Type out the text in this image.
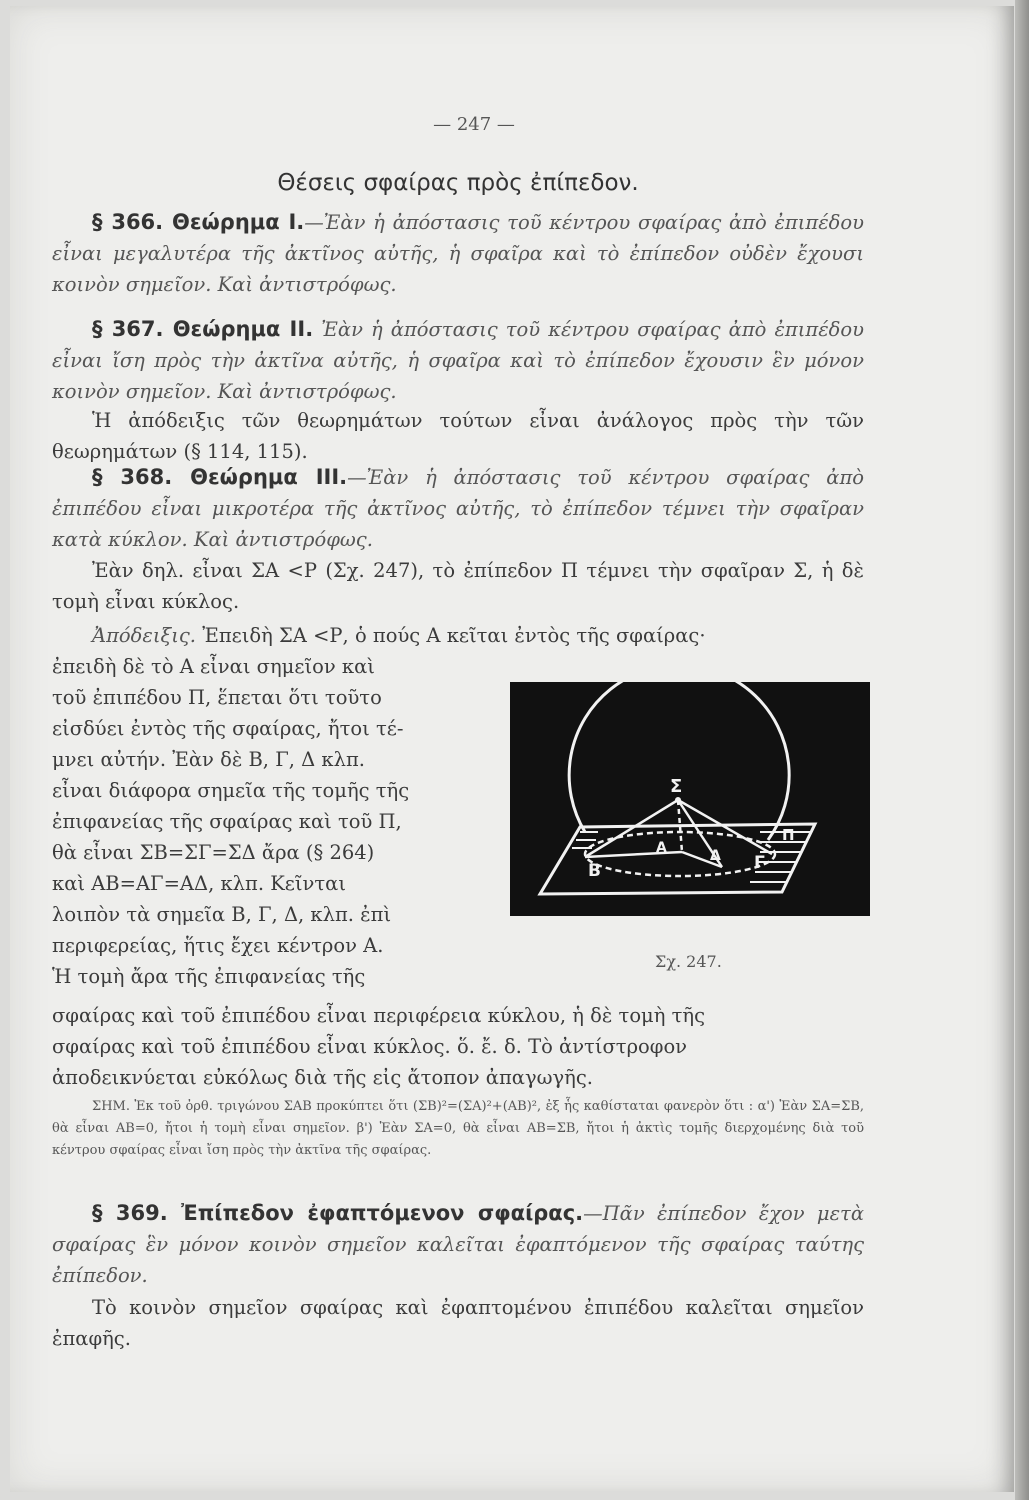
— 247 —
Θέσεις σφαίρας πρὸς ἐπίπεδον.
§ 366. Θεώρημα I.—Ἐὰν ἡ ἀπόστασις τοῦ κέντρου σφαίρας ἀπὸ ἐπιπέδου εἶναι μεγαλυτέρα τῆς ἀκτῖνος αὐτῆς, ἡ σφαῖρα καὶ τὸ ἐπίπεδον οὐδὲν ἔχουσι κοινὸν σημεῖον. Καὶ ἀντιστρόφως.
§ 367. Θεώρημα II. Ἐὰν ἡ ἀπόστασις τοῦ κέντρου σφαίρας ἀπὸ ἐπιπέδου εἶναι ἴση πρὸς τὴν ἀκτῖνα αὐτῆς, ἡ σφαῖρα καὶ τὸ ἐπίπεδον ἔχουσιν ἓν μόνον κοινὸν σημεῖον. Καὶ ἀντιστρόφως.
Ἡ ἀπόδειξις τῶν θεωρημάτων τούτων εἶναι ἀνάλογος πρὸς τὴν τῶν θεωρημάτων (§ 114, 115).
§ 368. Θεώρημα III.—Ἐὰν ἡ ἀπόστασις τοῦ κέντρου σφαίρας ἀπὸ ἐπιπέδου εἶναι μικροτέρα τῆς ἀκτῖνος αὐτῆς, τὸ ἐπίπεδον τέμνει τὴν σφαῖραν κατὰ κύκλον. Καὶ ἀντιστρόφως.
Ἐὰν δηλ. εἶναι ΣΑ <Ρ (Σχ. 247), τὸ ἐπίπεδον Π τέμνει τὴν σφαῖραν Σ, ἡ δὲ τομὴ εἶναι κύκλος.
Ἀπόδειξις. Ἐπειδὴ ΣΑ <Ρ, ὁ πούς Α κεῖται ἐντὸς τῆς σφαίρας·
ἐπειδὴ δὲ τὸ Α εἶναι σημεῖον καὶ
τοῦ ἐπιπέδου Π, ἕπεται ὅτι τοῦτο
εἰσδύει ἐντὸς τῆς σφαίρας, ἤτοι τέ-
μνει αὐτήν. Ἐὰν δὲ Β, Γ, Δ κλπ.
εἶναι διάφορα σημεῖα τῆς τομῆς τῆς
ἐπιφανείας τῆς σφαίρας καὶ τοῦ Π,
θὰ εἶναι ΣΒ=ΣΓ=ΣΔ ἄρα (§ 264)
καὶ ΑΒ=ΑΓ=ΑΔ, κλπ. Κεῖνται
λοιπὸν τὰ σημεῖα Β, Γ, Δ, κλπ. ἐπὶ
περιφερείας, ἥτις ἔχει κέντρον Α.
Ἡ τομὴ ἄρα τῆς ἐπιφανείας τῆς
Σ
Α
Β	Γ
Δ
Π
Σχ. 247.
σφαίρας καὶ τοῦ ἐπιπέδου εἶναι περιφέρεια κύκλου, ἡ δὲ τομὴ τῆς
σφαίρας καὶ τοῦ ἐπιπέδου εἶναι κύκλος. ὅ. ἔ. δ. Τὸ ἀντίστροφον
ἀποδεικνύεται εὐκόλως διὰ τῆς εἰς ἄτοπον ἀπαγωγῆς.
ΣΗΜ. Ἐκ τοῦ ὀρθ. τριγώνου ΣΑΒ προκύπτει ὅτι (ΣΒ)²=(ΣΑ)²+(ΑΒ)², ἐξ ἧς καθίσταται φανερὸν ὅτι : α') Ἐὰν ΣΑ=ΣΒ, θὰ εἶναι ΑΒ=0, ἤτοι ἡ τομὴ εἶναι σημεῖον. β') Ἐὰν ΣΑ=0, θὰ εἶναι ΑΒ=ΣΒ, ἤτοι ἡ ἀκτὶς τομῆς διερχομένης διὰ τοῦ κέντρου σφαίρας εἶναι ἴση πρὸς τὴν ἀκτῖνα τῆς σφαίρας.
§ 369. Ἐπίπεδον ἐφαπτόμενον σφαίρας.—Πᾶν ἐπίπεδον ἔχον μετὰ σφαίρας ἓν μόνον κοινὸν σημεῖον καλεῖται ἐφαπτόμενον τῆς σφαίρας ταύτης ἐπίπεδον.
Τὸ κοινὸν σημεῖον σφαίρας καὶ ἐφαπτομένου ἐπιπέδου καλεῖται σημεῖον ἐπαφῆς.
